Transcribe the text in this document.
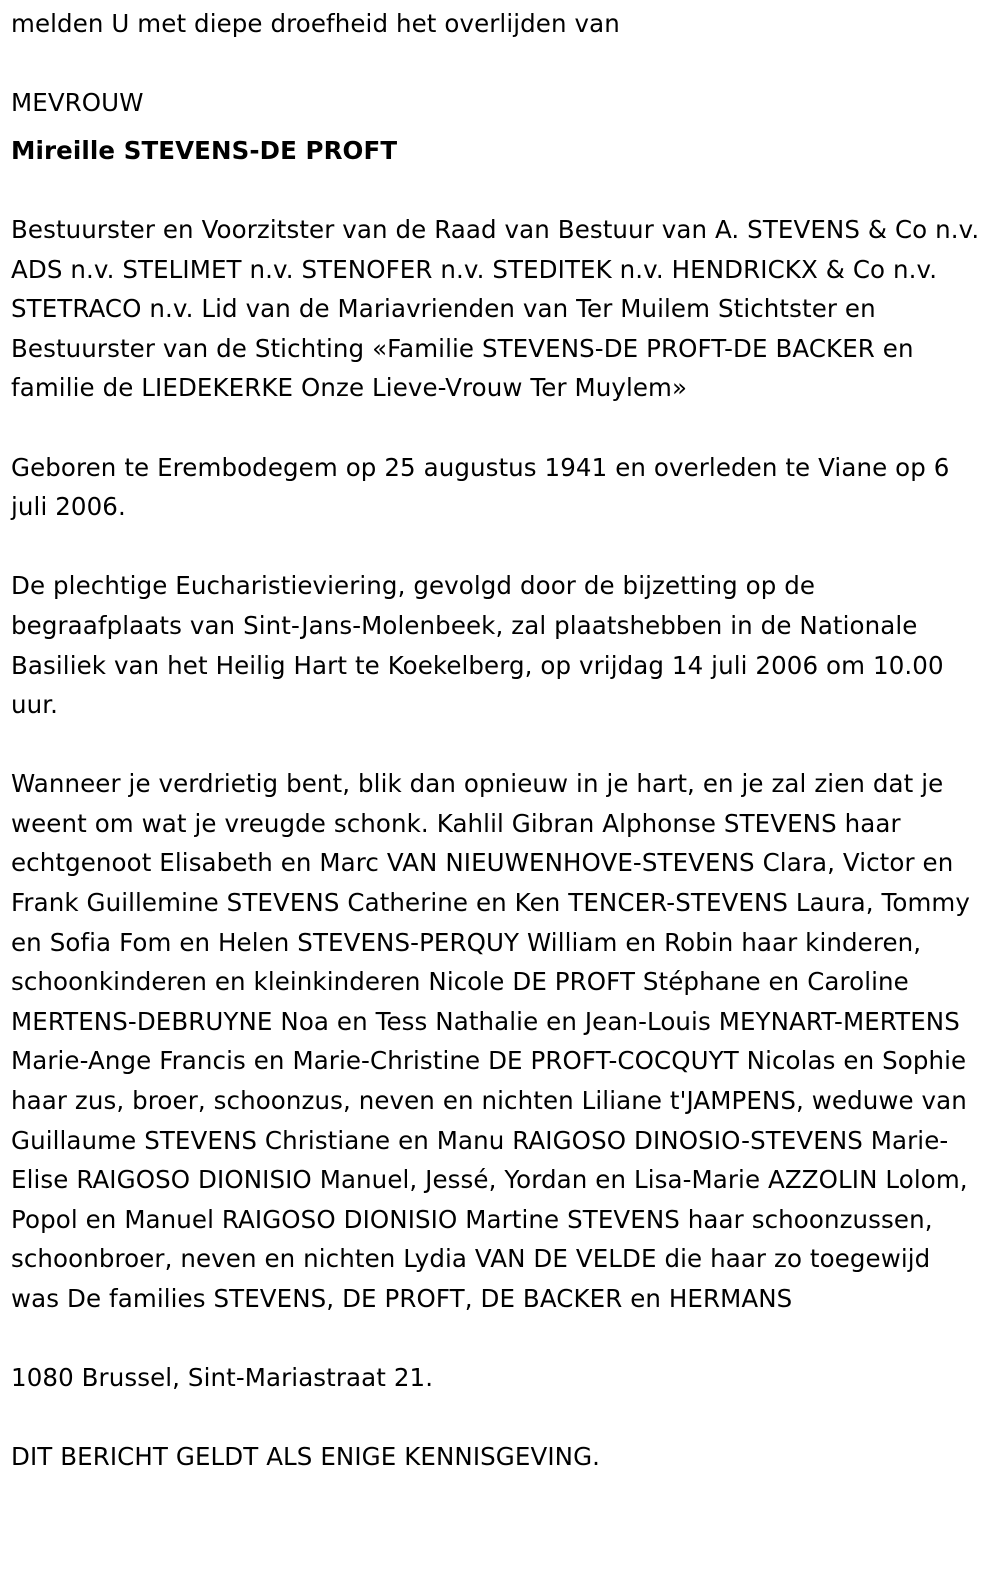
melden U met diepe droefheid het overlijden van

MEVROUW

Mireille STEVENS-DE PROFT

Bestuurster en Voorzitster van de Raad van Bestuur van A. STEVENS & Co n.v. ADS n.v. STELIMET n.v. STENOFER n.v. STEDITEK n.v. HENDRICKX & Co n.v. STETRACO n.v. Lid van de Mariavrienden van Ter Muilem Stichtster en Bestuurster van de Stichting «Familie STEVENS-DE PROFT-DE BACKER en familie de LIEDEKERKE Onze Lieve-Vrouw Ter Muylem»

Geboren te Erembodegem op 25 augustus 1941 en overleden te Viane op 6 juli 2006.

De plechtige Eucharistieviering, gevolgd door de bijzetting op de begraafplaats van Sint-Jans-Molenbeek, zal plaatshebben in de Nationale Basiliek van het Heilig Hart te Koekelberg, op vrijdag 14 juli 2006 om 10.00 uur.

Wanneer je verdrietig bent, blik dan opnieuw in je hart, en je zal zien dat je weent om wat je vreugde schonk. Kahlil Gibran Alphonse STEVENS haar echtgenoot Elisabeth en Marc VAN NIEUWENHOVE-STEVENS Clara, Victor en Frank Guillemine STEVENS Catherine en Ken TENCER-STEVENS Laura, Tommy en Sofia Fom en Helen STEVENS-PERQUY William en Robin haar kinderen, schoonkinderen en kleinkinderen Nicole DE PROFT Stéphane en Caroline MERTENS-DEBRUYNE Noa en Tess Nathalie en Jean-Louis MEYNART-MERTENS Marie-Ange Francis en Marie-Christine DE PROFT-COCQUYT Nicolas en Sophie haar zus, broer, schoonzus, neven en nichten Liliane t'JAMPENS, weduwe van Guillaume STEVENS Christiane en Manu RAIGOSO DINOSIO-STEVENS Marie-Elise RAIGOSO DIONISIO Manuel, Jessé, Yordan en Lisa-Marie AZZOLIN Lolom, Popol en Manuel RAIGOSO DIONISIO Martine STEVENS haar schoonzussen, schoonbroer, neven en nichten Lydia VAN DE VELDE die haar zo toegewijd was De families STEVENS, DE PROFT, DE BACKER en HERMANS

1080 Brussel, Sint-Mariastraat 21.

DIT BERICHT GELDT ALS ENIGE KENNISGEVING.
